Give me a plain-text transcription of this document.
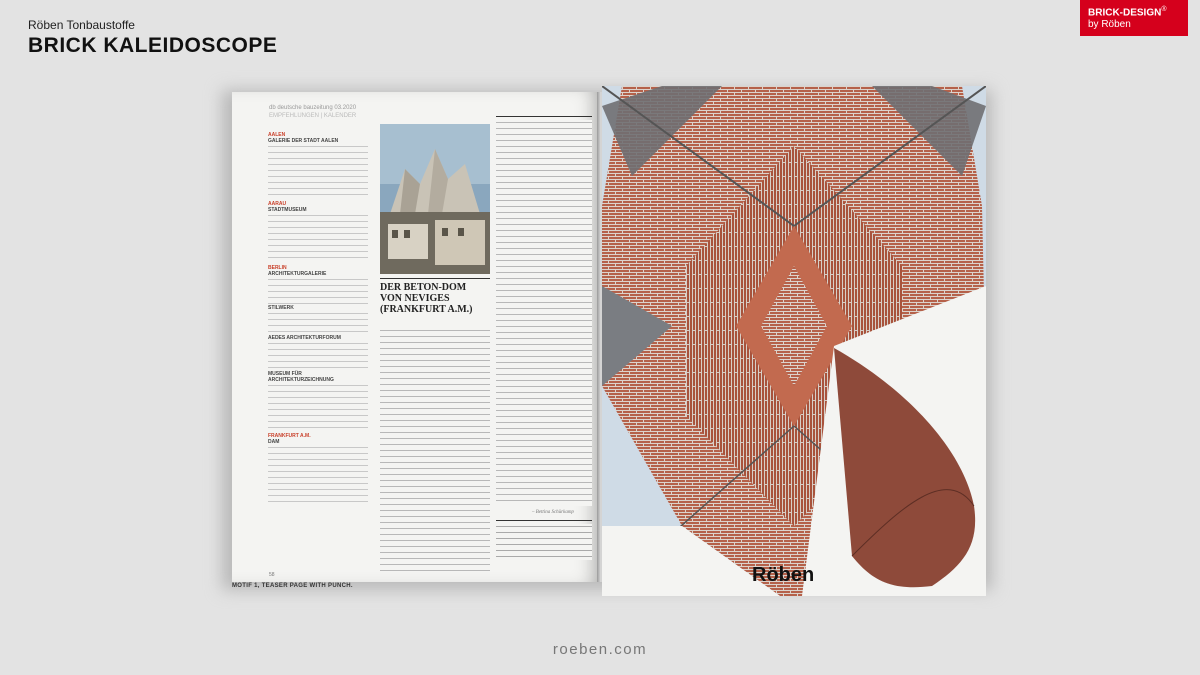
Röben Tonbaustoffe
BRICK KALEIDOSCOPE
BRICK-DESIGN®
by Röben
db deutsche bauzeitung 03.2020
EMPFEHLUNGEN | KALENDER
AALEN
GALERIE DER STADT AALEN
AARAU
STADTMUSEUM
BERLIN
ARCHITEKTURGALERIE
STILWERK
AEDES ARCHITEKTURFORUM
MUSEUM FÜR ARCHITEKTURZEICHNUNG
FRANKFURT A.M.
DAM
DER BETON-DOM VON NEVIGES (FRANKFURT A.M.)
– Bettina Schürkamp
58	Röben
MOTIF 1, TEASER PAGE WITH PUNCH.
roeben.com
